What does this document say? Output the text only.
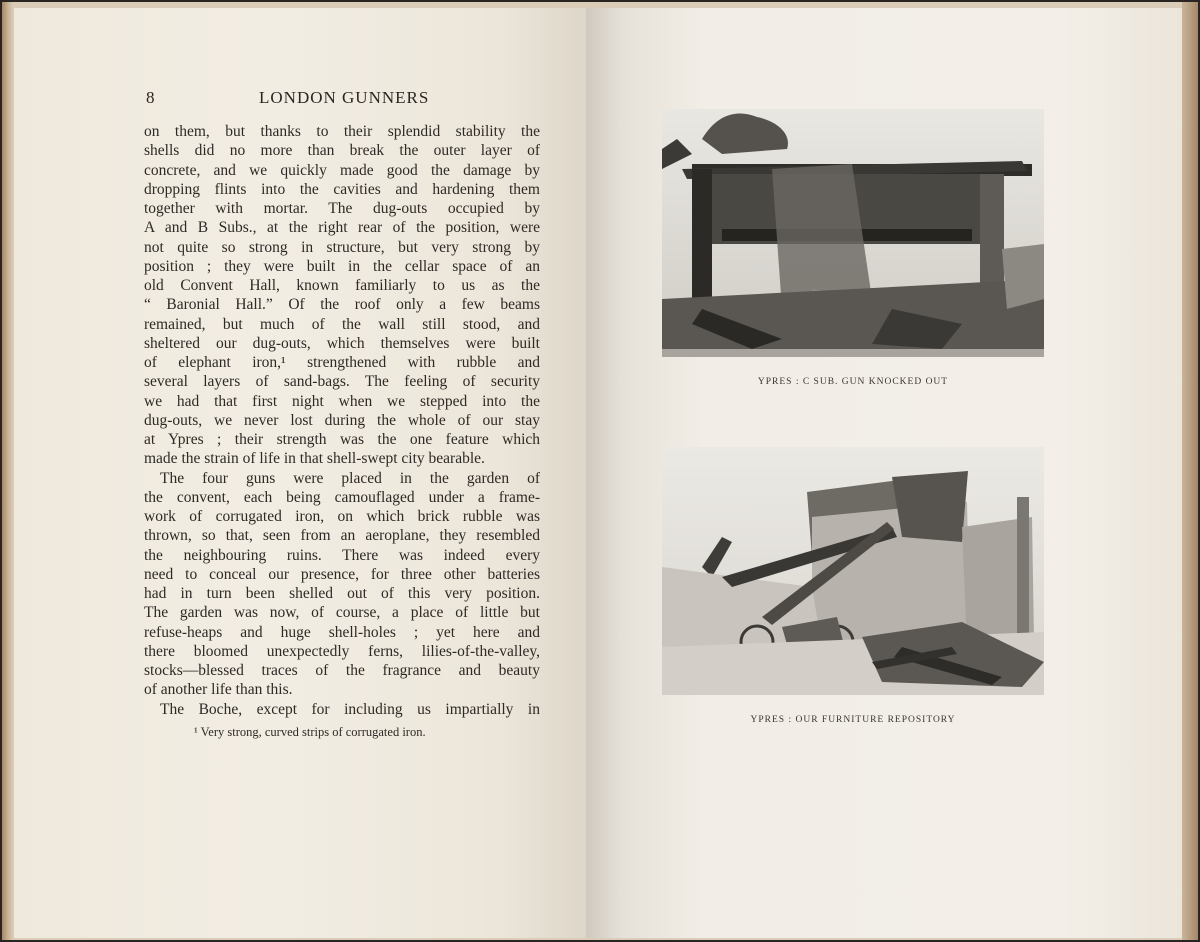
8	LONDON GUNNERS
on them, but thanks to their splendid stability the
shells did no more than break the outer layer of
concrete, and we quickly made good the damage by
dropping flints into the cavities and hardening them
together with mortar. The dug-outs occupied by
A and B Subs., at the right rear of the position, were
not quite so strong in structure, but very strong by
position ; they were built in the cellar space of an
old Convent Hall, known familiarly to us as the
“ Baronial Hall.” Of the roof only a few beams
remained, but much of the wall still stood, and
sheltered our dug-outs, which themselves were built
of elephant iron,¹ strengthened with rubble and
several layers of sand-bags. The feeling of security
we had that first night when we stepped into the
dug-outs, we never lost during the whole of our stay
at Ypres ; their strength was the one feature which
made the strain of life in that shell-swept city bearable.
The four guns were placed in the garden of
the convent, each being camouflaged under a frame-
work of corrugated iron, on which brick rubble was
thrown, so that, seen from an aeroplane, they resembled
the neighbouring ruins. There was indeed every
need to conceal our presence, for three other batteries
had in turn been shelled out of this very position.
The garden was now, of course, a place of little but
refuse-heaps and huge shell-holes ; yet here and
there bloomed unexpectedly ferns, lilies-of-the-valley,
stocks—blessed traces of the fragrance and beauty
of another life than this.
The Boche, except for including us impartially in
¹ Very strong, curved strips of corrugated iron.
YPRES : C SUB. GUN KNOCKED OUT
YPRES : OUR FURNITURE REPOSITORY
